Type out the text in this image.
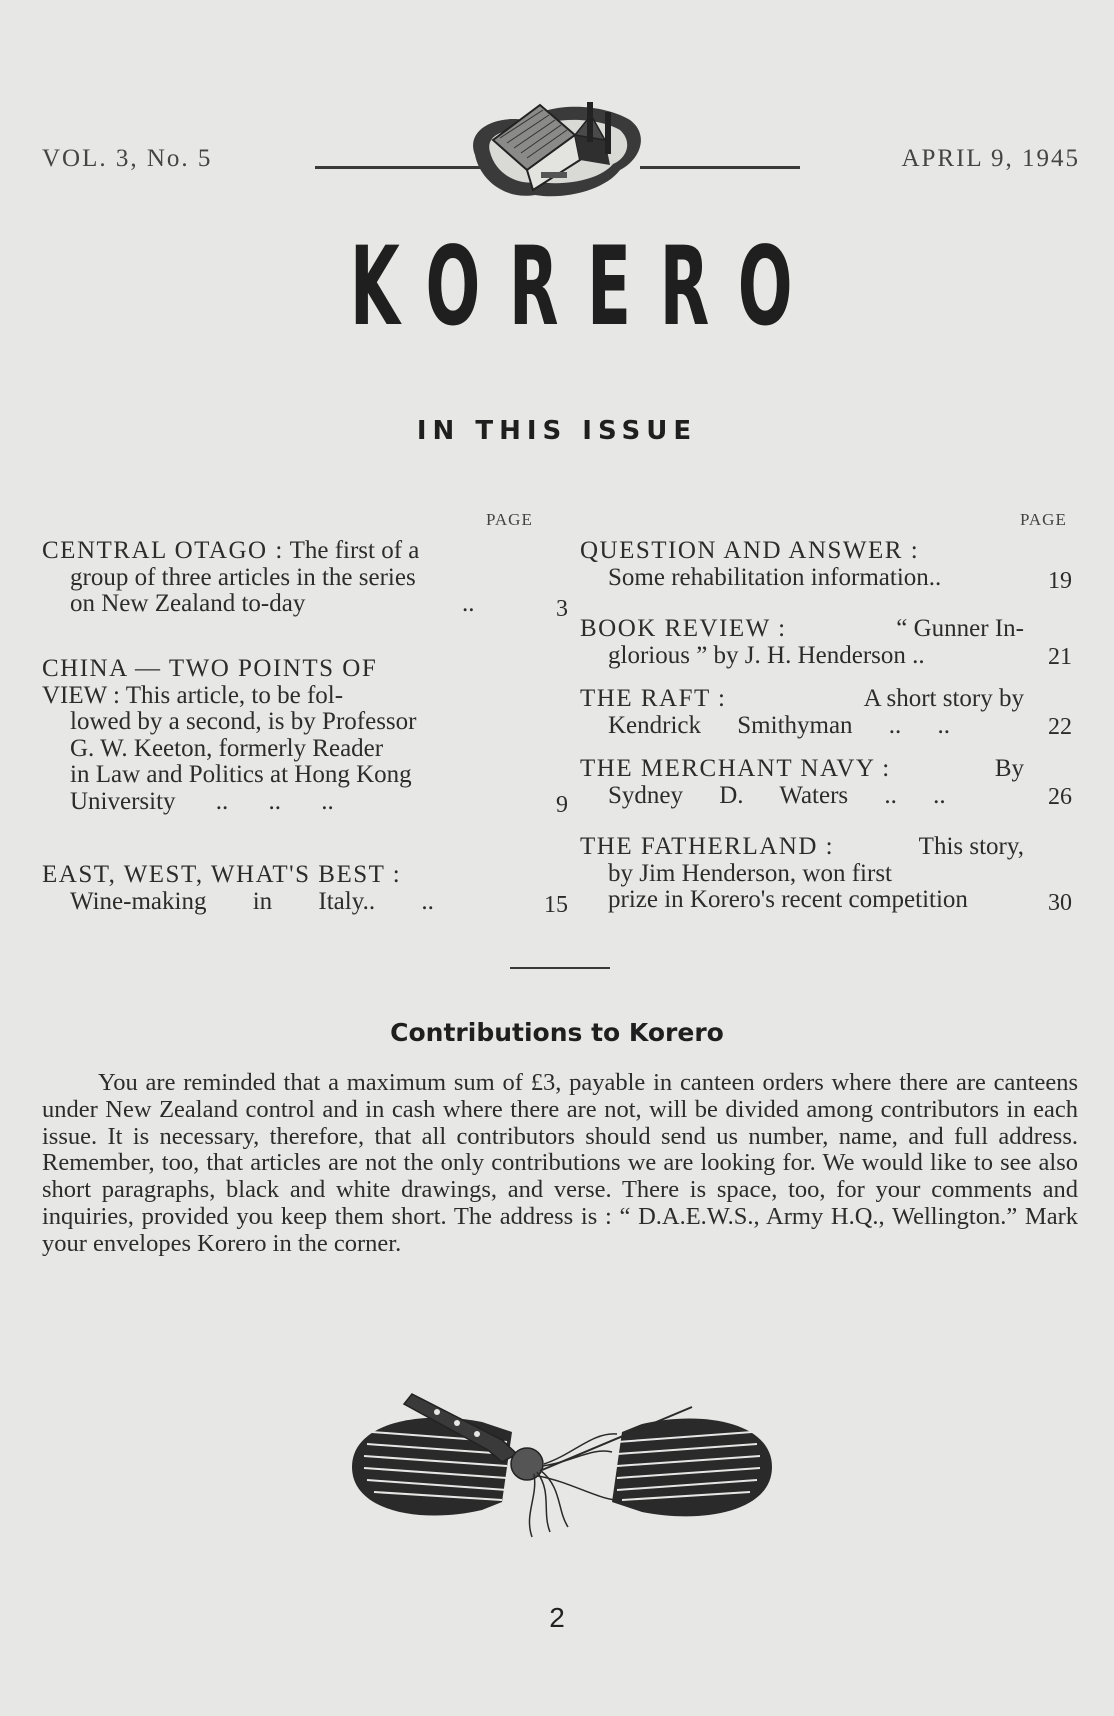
VOL. 3, No. 5	APRIL 9, 1945
KORERO
IN THIS ISSUE
PAGE	PAGE
CENTRAL OTAGO : The first of a
group of three articles in the series
on New Zealand to-day	..	3
CHINA — TWO POINTS OF
VIEW : This article, to be fol-
lowed by a second, is by Professor
G. W. Keeton, formerly Reader
in Law and Politics at Hong Kong
University .. .. ..	9
EAST, WEST, WHAT'S BEST :
Wine-making in Italy.. ..	15
QUESTION AND ANSWER :
Some rehabilitation information..	19
BOOK REVIEW :	“ Gunner In-
glorious ” by J. H. Henderson ..	21
THE RAFT :	A short story by
Kendrick Smithyman .. ..	22
THE MERCHANT NAVY :	By
Sydney D. Waters .. ..	26
THE FATHERLAND :	This story,
by Jim Henderson, won first
prize in Korero's recent competition	30
Contributions to Korero
You are reminded that a maximum sum of £3, payable in canteen orders where there are canteens under New Zealand control and in cash where there are not, will be divided among contributors in each issue. It is necessary, therefore, that all contributors should send us number, name, and full address. Remember, too, that articles are not the only contributions we are looking for. We would like to see also short paragraphs, black and white drawings, and verse. There is space, too, for your comments and inquiries, provided you keep them short. The address is : “ D.A.E.W.S., Army H.Q., Wellington.” Mark your envelopes Korero in the corner.
2
